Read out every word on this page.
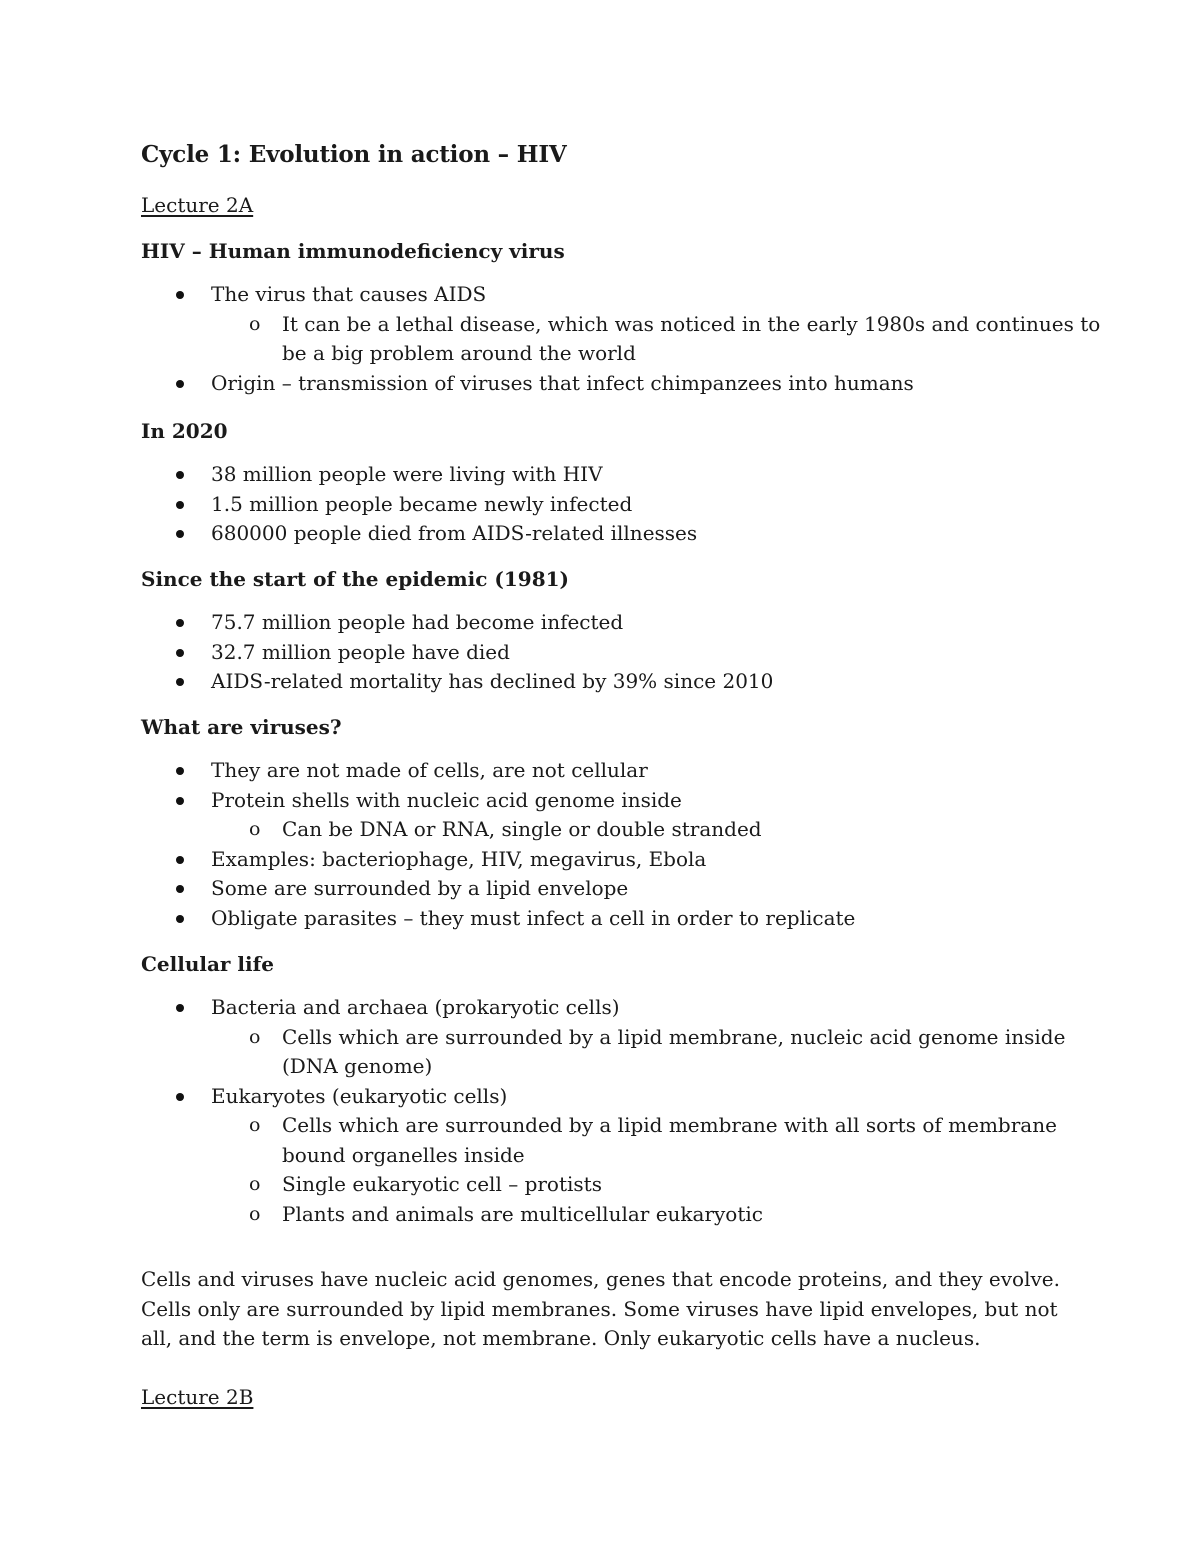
Cycle 1: Evolution in action – HIV
Lecture 2A
HIV – Human immunodeficiency virus
The virus that causes AIDS
o It can be a lethal disease, which was noticed in the early 1980s and continues to
be a big problem around the world
Origin – transmission of viruses that infect chimpanzees into humans
In 2020
38 million people were living with HIV
1.5 million people became newly infected
680000 people died from AIDS-related illnesses
Since the start of the epidemic (1981)
75.7 million people had become infected
32.7 million people have died
AIDS-related mortality has declined by 39% since 2010
What are viruses?
They are not made of cells, are not cellular
Protein shells with nucleic acid genome inside
o Can be DNA or RNA, single or double stranded
Examples: bacteriophage, HIV, megavirus, Ebola
Some are surrounded by a lipid envelope
Obligate parasites – they must infect a cell in order to replicate
Cellular life
Bacteria and archaea (prokaryotic cells)
o Cells which are surrounded by a lipid membrane, nucleic acid genome inside
(DNA genome)
Eukaryotes (eukaryotic cells)
o Cells which are surrounded by a lipid membrane with all sorts of membrane
bound organelles inside
o Single eukaryotic cell – protists
o Plants and animals are multicellular eukaryotic

Cells and viruses have nucleic acid genomes, genes that encode proteins, and they evolve. Cells only are surrounded by lipid membranes. Some viruses have lipid envelopes, but not all, and the term is envelope, not membrane. Only eukaryotic cells have a nucleus.

Lecture 2B
